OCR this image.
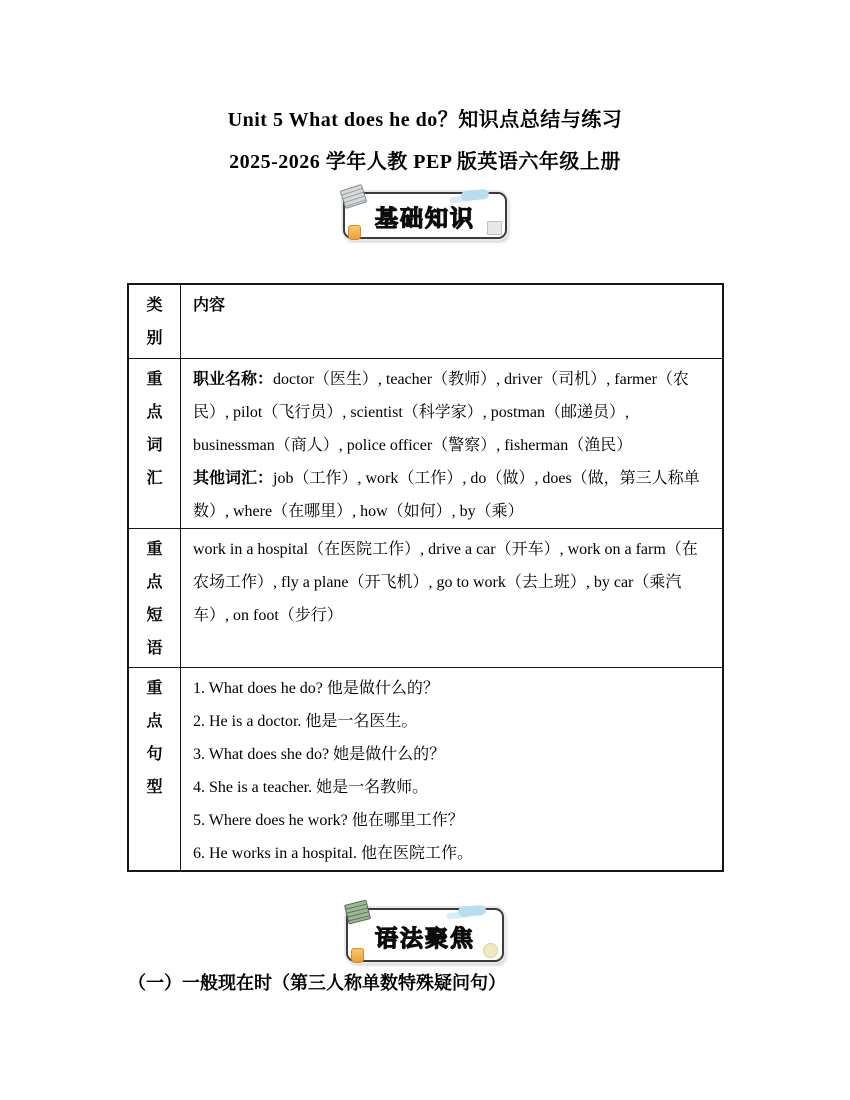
Unit 5 What does he do？知识点总结与练习
2025-2026 学年人教 PEP 版英语六年级上册
基础知识
类别

内容

重点词汇

职业名称：doctor（医生）, teacher（教师）, driver（司机）, farmer（农民）, pilot（飞行员）, scientist（科学家）, postman（邮递员）, businessman（商人）, police officer（警察）, fisherman（渔民）

其他词汇：job（工作）, work（工作）, do（做）, does（做，第三人称单数）, where（在哪里）, how（如何）, by（乘）

重点短语

work in a hospital（在医院工作）, drive a car（开车）, work on a farm（在农场工作）, fly a plane（开飞机）, go to work（去上班）, by car（乘汽车）, on foot（步行）

重点句型

1. What does he do? 他是做什么的？

2. He is a doctor. 他是一名医生。

3. What does she do? 她是做什么的？

4. She is a teacher. 她是一名教师。

5. Where does he work? 他在哪里工作？

6. He works in a hospital. 他在医院工作。

语法聚焦
（一）一般现在时（第三人称单数特殊疑问句）
